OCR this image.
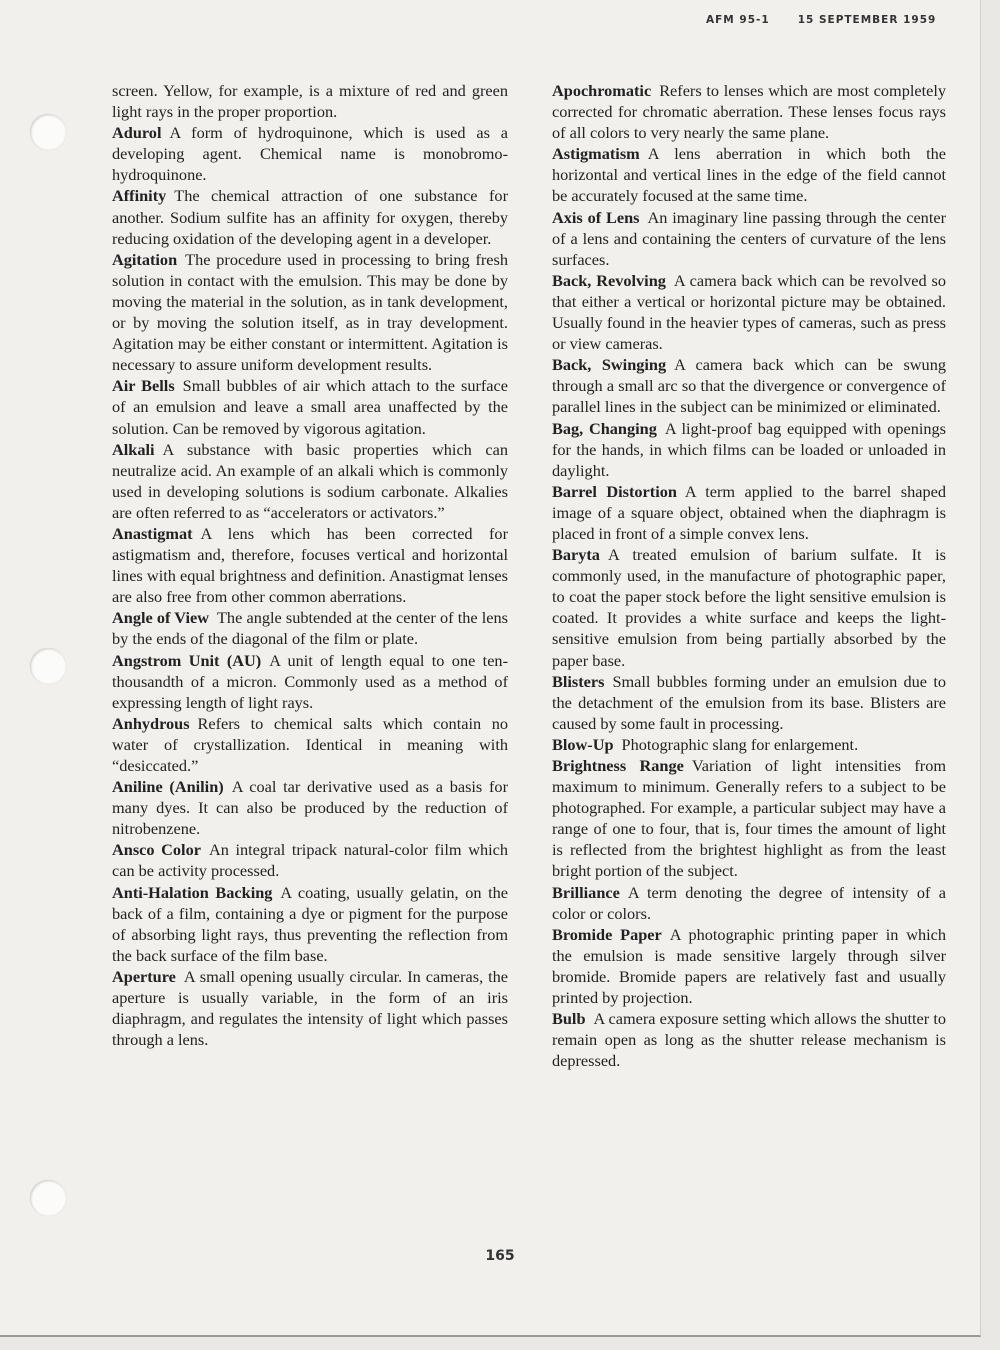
AFM 95-1	15 SEPTEMBER 1959

screen. Yellow, for example, is a mixture of red and green light rays in the proper proportion.

Adurol A form of hydroquinone, which is used as a developing agent. Chemical name is monobromo-hydroquinone.

Affinity The chemical attraction of one substance for another. Sodium sulfite has an affinity for oxygen, thereby reducing oxidation of the developing agent in a developer.

Agitation The procedure used in processing to bring fresh solution in contact with the emulsion. This may be done by moving the material in the solution, as in tank development, or by moving the solution itself, as in tray development. Agitation may be either constant or intermittent. Agitation is necessary to assure uniform development results.

Air Bells Small bubbles of air which attach to the surface of an emulsion and leave a small area unaffected by the solution. Can be removed by vigorous agitation.

Alkali A substance with basic properties which can neutralize acid. An example of an alkali which is commonly used in developing solutions is sodium carbonate. Alkalies are often referred to as “accelerators or activators.”

Anastigmat A lens which has been corrected for astigmatism and, therefore, focuses vertical and horizontal lines with equal brightness and definition. Anastigmat lenses are also free from other common aberrations.

Angle of View The angle subtended at the center of the lens by the ends of the diagonal of the film or plate.

Angstrom Unit (AU) A unit of length equal to one ten-thousandth of a micron. Commonly used as a method of expressing length of light rays.

Anhydrous Refers to chemical salts which contain no water of crystallization. Identical in meaning with “desiccated.”

Aniline (Anilin) A coal tar derivative used as a basis for many dyes. It can also be produced by the reduction of nitrobenzene.

Ansco Color An integral tripack natural-color film which can be activity processed.

Anti-Halation Backing A coating, usually gelatin, on the back of a film, containing a dye or pigment for the purpose of absorbing light rays, thus preventing the reflection from the back surface of the film base.

Aperture A small opening usually circular. In cameras, the aperture is usually variable, in the form of an iris diaphragm, and regulates the intensity of light which passes through a lens.

Apochromatic Refers to lenses which are most completely corrected for chromatic aberration. These lenses focus rays of all colors to very nearly the same plane.

Astigmatism A lens aberration in which both the horizontal and vertical lines in the edge of the field cannot be accurately focused at the same time.

Axis of Lens An imaginary line passing through the center of a lens and containing the centers of curvature of the lens surfaces.

Back, Revolving A camera back which can be revolved so that either a vertical or horizontal picture may be obtained. Usually found in the heavier types of cameras, such as press or view cameras.

Back, Swinging A camera back which can be swung through a small arc so that the divergence or convergence of parallel lines in the subject can be minimized or eliminated.

Bag, Changing A light-proof bag equipped with openings for the hands, in which films can be loaded or unloaded in daylight.

Barrel Distortion A term applied to the barrel shaped image of a square object, obtained when the diaphragm is placed in front of a simple convex lens.

Baryta A treated emulsion of barium sulfate. It is commonly used, in the manufacture of photographic paper, to coat the paper stock before the light sensitive emulsion is coated. It provides a white surface and keeps the light-sensitive emulsion from being partially absorbed by the paper base.

Blisters Small bubbles forming under an emulsion due to the detachment of the emulsion from its base. Blisters are caused by some fault in processing.

Blow-Up Photographic slang for enlargement.

Brightness Range Variation of light intensities from maximum to minimum. Generally refers to a subject to be photographed. For example, a particular subject may have a range of one to four, that is, four times the amount of light is reflected from the brightest highlight as from the least bright portion of the subject.

Brilliance A term denoting the degree of intensity of a color or colors.

Bromide Paper A photographic printing paper in which the emulsion is made sensitive largely through silver bromide. Bromide papers are relatively fast and usually printed by projection.

Bulb A camera exposure setting which allows the shutter to remain open as long as the shutter release mechanism is depressed.

165
